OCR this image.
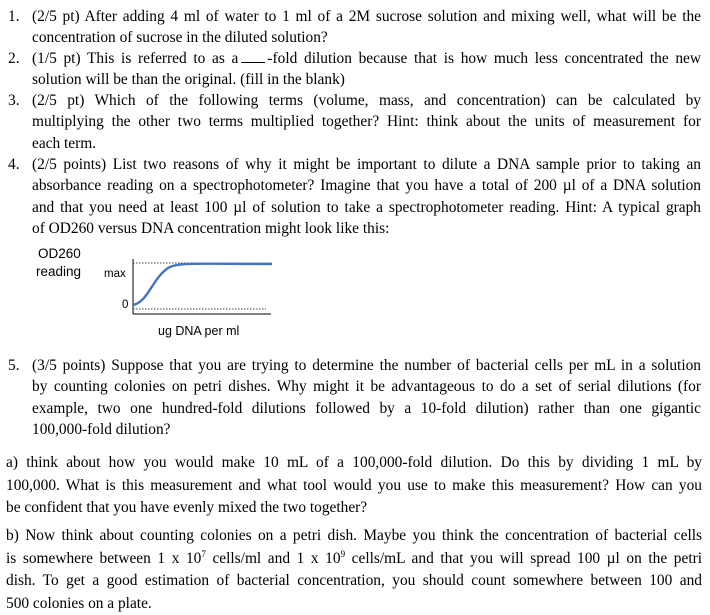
1. (2/5 pt) After adding 4 ml of water to 1 ml of a 2M sucrose solution and mixing well, what will be the
concentration of sucrose in the diluted solution?
2. (1/5 pt) This is referred to as a -fold dilution because that is how much less concentrated the new
solution will be than the original. (fill in the blank)
3. (2/5 pt) Which of the following terms (volume, mass, and concentration) can be calculated by
multiplying the other two terms multiplied together? Hint: think about the units of measurement for
each term.
4. (2/5 points) List two reasons of why it might be important to dilute a DNA sample prior to taking an
absorbance reading on a spectrophotometer? Imagine that you have a total of 200 µl of a DNA solution
and that you need at least 100 µl of solution to take a spectrophotometer reading. Hint: A typical graph
of OD260 versus DNA concentration might look like this:
OD260
reading max
0
ug DNA per ml
5. (3/5 points) Suppose that you are trying to determine the number of bacterial cells per mL in a solution
by counting colonies on petri dishes. Why might it be advantageous to do a set of serial dilutions (for
example, two one hundred-fold dilutions followed by a 10-fold dilution) rather than one gigantic
100,000-fold dilution?
a) think about how you would make 10 mL of a 100,000-fold dilution. Do this by dividing 1 mL by
100,000. What is this measurement and what tool would you use to make this measurement? How can you
be confident that you have evenly mixed the two together?
b) Now think about counting colonies on a petri dish. Maybe you think the concentration of bacterial cells
is somewhere between 1 x $10^7$ cells/ml and 1 x $10^9$ cells/mL and that you will spread 100 µl on the petri
dish. To get a good estimation of bacterial concentration, you should count somewhere between 100 and
500 colonies on a plate.
